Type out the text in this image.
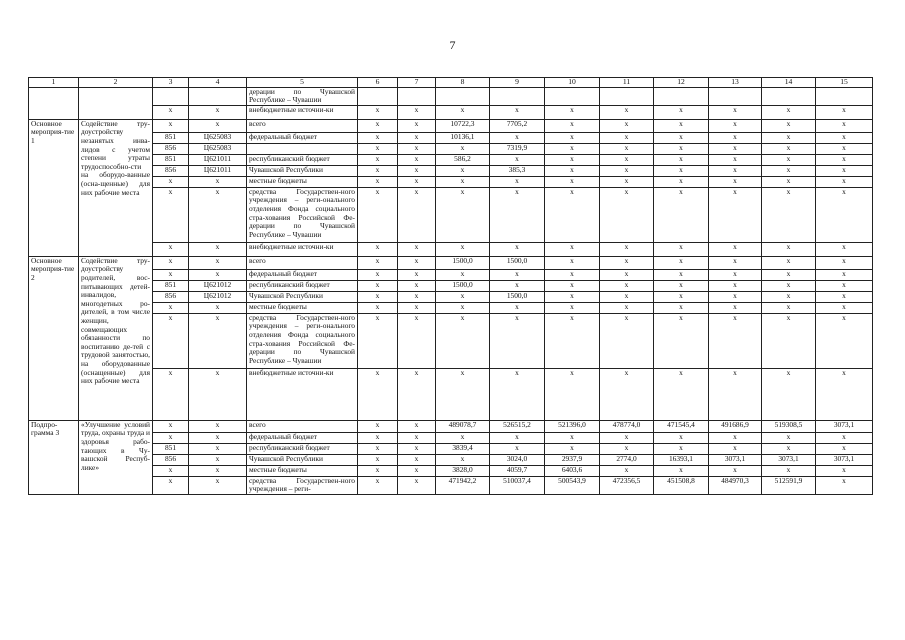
7
1	2	3	4	5	6	7	8	9	10	11	12	13	14	15
				дерации по Чувашской Республике – Чувашии										
		x	x	внебюджетные источни-ки	x	x	x	x	x	x	x	x	x	x
Основное мероприя-тие 1	Содействие тру-доустройству незанятых инва-лидов с учетом степени утраты трудоспособно-сти на оборудо-ванные (осна-щенные) для них рабочие места	x	x	всего	x	x	10722,3	7705,2	x	x	x	x	x	x
		851	Ц625083	федеральный бюджет	x	x	10136,1	x	x	x	x	x	x	x
		856	Ц625083		x	x	x	7319,9	x	x	x	x	x	x
		851	Ц621011	республиканский бюджет	x	x	586,2	x	x	x	x	x	x	x
		856	Ц621011	Чувашской Республики	x	x	x	385,3	x	x	x	x	x	x
		x	x	местные бюджеты	x	x	x	x	x	x	x	x	x	x
		x	x	средства Государствен-ного учреждения – реги-онального отделения Фонда социального стра-хования Российской Фе-дерации по Чувашской Республике – Чувашии	x	x	x	x	x	x	x	x	x	x
		x	x	внебюджетные источни-ки	x	x	x	x	x	x	x	x	x	x
Основное мероприя-тие 2	Содействие тру-доустройству родителей, вос-питывающих детей-инвалидов, многодетных ро-дителей, в том числе женщин, совмещающих обязанности по воспитанию де-тей с трудовой занятостью, на оборудованные (оснащенные) для них рабочие места	x	x	всего	x	x	1500,0	1500,0	x	x	x	x	x	x
		x	x	федеральный бюджет	x	x	x	x	x	x	x	x	x	x
		851	Ц621012	республиканский бюджет	x	x	1500,0	x	x	x	x	x	x	x
		856	Ц621012	Чувашской Республики	x	x	x	1500,0	x	x	x	x	x	x
		x	x	местные бюджеты	x	x	x	x	x	x	x	x	x	x
		x	x	средства Государствен-ного учреждения – реги-онального отделения Фонда социального стра-хования Российской Фе-дерации по Чувашской Республике – Чувашии	x	x	x	x	x	x	x	x	x	x
		x	x	внебюджетные источни-ки	x	x	x	x	x	x	x	x	x	x
Подпро-грамма 3	«Улучшение условий труда, охраны труда и здоровья рабо-тающих в Чу-вашской Респуб-лике»	x	x	всего	x	x	489078,7	526515,2	521396,0	478774,0	471545,4	491686,9	519308,5	3073,1
		x	x	федеральный бюджет	x	x	x	x	x	x	x	x	x	x
		851	x	республиканский бюджет	x	x	3839,4	x	x	x	x	x	x	x
		856	x	Чувашской Республики	x	x	x	3024,0	2937,9	2774,0	16393,1	3073,1	3073,1	3073,1
		x	x	местные бюджеты	x	x	3828,0	4059,7	6403,6	x	x	x	x	x
		x	x	средства Государствен-ного учреждения – реги-	x	x	471942,2	510037,4	500543,9	472356,5	451508,8	484970,3	512591,9	x
